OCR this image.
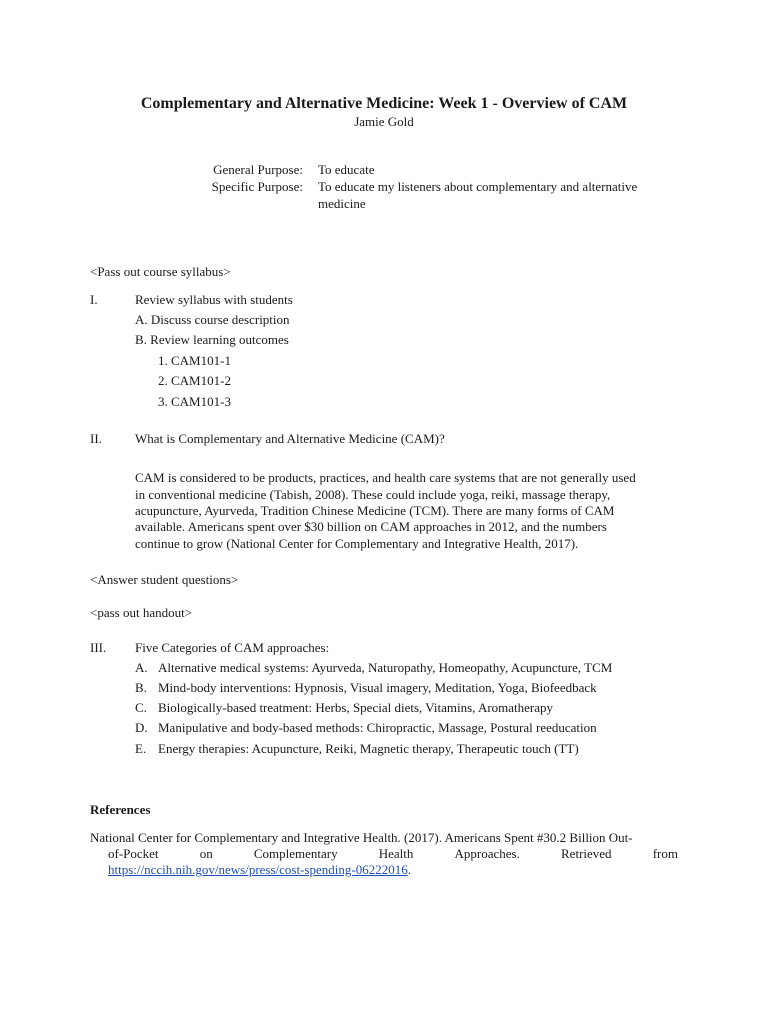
Complementary and Alternative Medicine: Week 1 - Overview of CAM
Jamie Gold
General Purpose: To educate
Specific Purpose: To educate my listeners about complementary and alternative
medicine
<Pass out course syllabus>
I.	Review syllabus with students
A. Discuss course description
B. Review learning outcomes
1. CAM101-1
2. CAM101-2
3. CAM101-3
II.	What is Complementary and Alternative Medicine (CAM)?
CAM is considered to be products, practices, and health care systems that are not generally used
in conventional medicine (Tabish, 2008). These could include yoga, reiki, massage therapy,
acupuncture, Ayurveda, Tradition Chinese Medicine (TCM). There are many forms of CAM
available. Americans spent over $30 billion on CAM approaches in 2012, and the numbers
continue to grow (National Center for Complementary and Integrative Health, 2017).
<Answer student questions>
<pass out handout>
III. Five Categories of CAM approaches:
A. Alternative medical systems: Ayurveda, Naturopathy, Homeopathy, Acupuncture, TCM
B. Mind-body interventions: Hypnosis, Visual imagery, Meditation, Yoga, Biofeedback
C. Biologically-based treatment: Herbs, Special diets, Vitamins, Aromatherapy
D. Manipulative and body-based methods: Chiropractic, Massage, Postural reeducation
E. Energy therapies: Acupuncture, Reiki, Magnetic therapy, Therapeutic touch (TT)
References
National Center for Complementary and Integrative Health. (2017). Americans Spent #30.2 Billion Out-
of-Pocket	on	Complementary	Health	Approaches.	Retrieved	from
https://nccih.nih.gov/news/press/cost-spending-06222016.
